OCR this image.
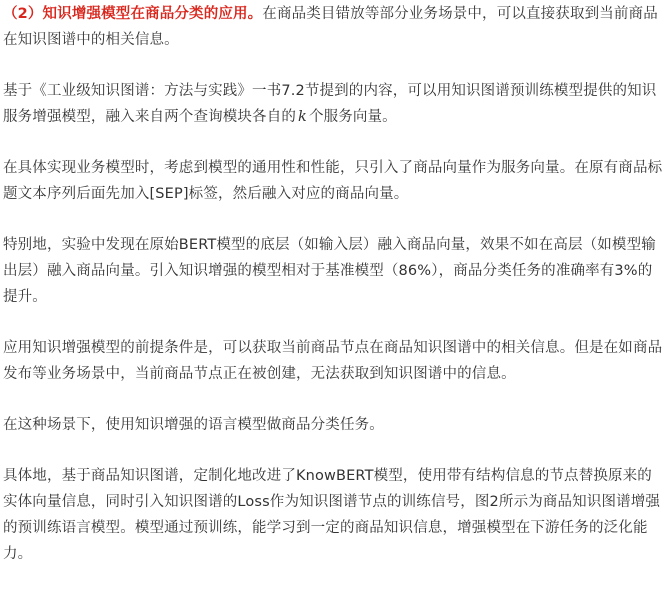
（2）知识增强模型在商品分类的应用。在商品类目错放等部分业务场景中，可以直接获取到当前商品在知识图谱中的相关信息。

基于《工业级知识图谱：方法与实践》一书7.2节提到的内容，可以用知识图谱预训练模型提供的知识服务增强模型，融入来自两个查询模块各自的 k 个服务向量。

在具体实现业务模型时，考虑到模型的通用性和性能，只引入了商品向量作为服务向量。在原有商品标题文本序列后面先加入[SEP]标签，然后融入对应的商品向量。

特别地，实验中发现在原始BERT模型的底层（如输入层）融入商品向量，效果不如在高层（如模型输出层）融入商品向量。引入知识增强的模型相对于基准模型（86%），商品分类任务的准确率有3%的提升。

应用知识增强模型的前提条件是，可以获取当前商品节点在商品知识图谱中的相关信息。但是在如商品发布等业务场景中，当前商品节点正在被创建，无法获取到知识图谱中的信息。

在这种场景下，使用知识增强的语言模型做商品分类任务。

具体地，基于商品知识图谱，定制化地改进了KnowBERT模型，使用带有结构信息的节点替换原来的实体向量信息，同时引入知识图谱的Loss作为知识图谱节点的训练信号，图2所示为商品知识图谱增强的预训练语言模型。模型通过预训练，能学习到一定的商品知识信息，增强模型在下游任务的泛化能力。
